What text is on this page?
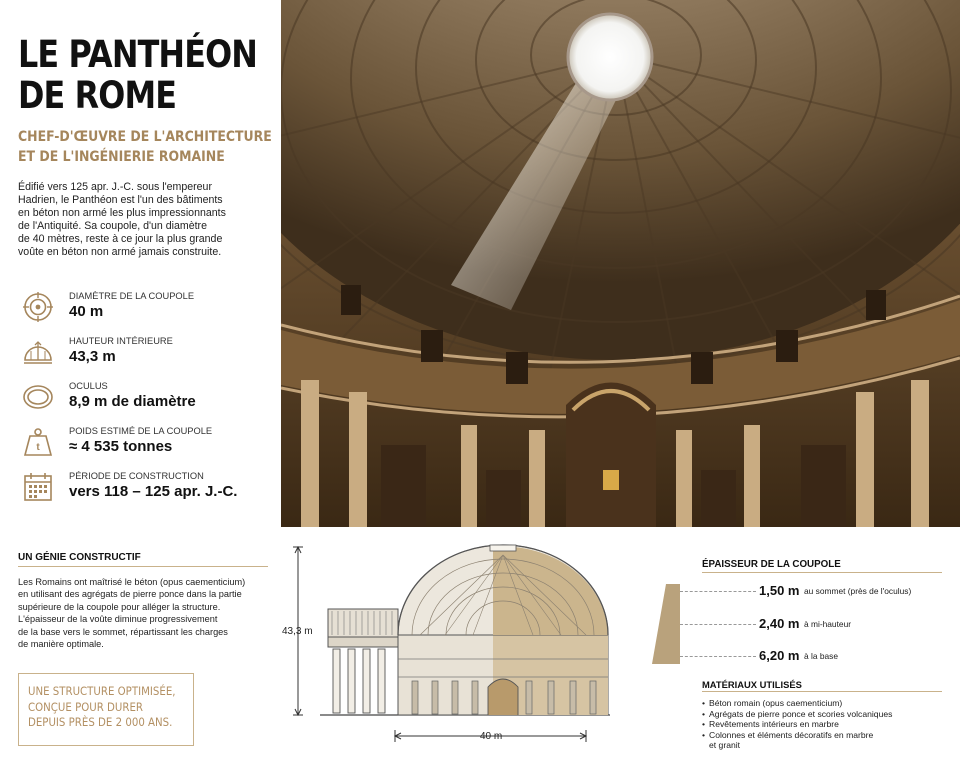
LE PANTHÉON
DE ROME
CHEF-D'ŒUVRE DE L'ARCHITECTURE
ET DE L'INGÉNIERIE ROMAINE
Édifié vers 125 apr. J.-C. sous l'empereur
Hadrien, le Panthéon est l'un des bâtiments
en béton non armé les plus impressionnants
de l'Antiquité. Sa coupole, d'un diamètre
de 40 mètres, reste à ce jour la plus grande
voûte en béton non armé jamais construite.
DIAMÈTRE DE LA COUPOLE
40 m
HAUTEUR INTÉRIEURE
43,3 m
OCULUS
8,9 m de diamètre
t
POIDS ESTIMÉ DE LA COUPOLE
≈ 4 535 tonnes
PÉRIODE DE CONSTRUCTION
vers 118 – 125 apr. J.-C.
UN GÉNIE CONSTRUCTIF
Les Romains ont maîtrisé le béton (opus caementicium)
en utilisant des agrégats de pierre ponce dans la partie
supérieure de la coupole pour alléger la structure.
L'épaisseur de la voûte diminue progressivement
de la base vers le sommet, répartissant les charges
de manière optimale.
UNE STRUCTURE OPTIMISÉE,
CONÇUE POUR DURER
DEPUIS PRÈS DE 2 000 ANS.
43,3 m
40 m
ÉPAISSEUR DE LA COUPOLE
1,50 m au sommet (près de l'oculus)
2,40 m à mi-hauteur
6,20 m à la base
MATÉRIAUX UTILISÉS
• Béton romain (opus caementicium)
• Agrégats de pierre ponce et scories volcaniques
• Revêtements intérieurs en marbre
• Colonnes et éléments décoratifs en marbre
et granit
